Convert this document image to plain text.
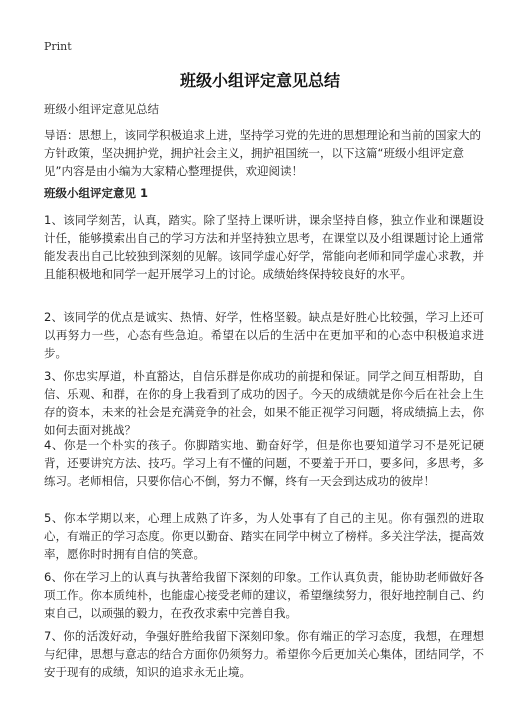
Print
班级小组评定意见总结
班级小组评定意见总结
导语：思想上，该同学积极追求上进，坚持学习党的先进的思想理论和当前的国家大的方针政策，坚决拥护党，拥护社会主义，拥护祖国统一，以下这篇“班级小组评定意见”内容是由小编为大家精心整理提供，欢迎阅读！
班级小组评定意见 1
1、该同学刻苦，认真，踏实。除了坚持上课听讲，课余坚持自修，独立作业和课题设计任，能够摸索出自己的学习方法和并坚持独立思考，在课堂以及小组课题讨论上通常能发表出自己比较独到深刻的见解。该同学虚心好学，常能向老师和同学虚心求教，并且能积极地和同学一起开展学习上的讨论。成绩始终保持较良好的水平。
2、该同学的优点是诚实、热情、好学，性格坚毅。缺点是好胜心比较强，学习上还可以再努力一些，心态有些急迫。希望在以后的生活中在更加平和的心态中积极追求进步。
3、你忠实厚道，朴直豁达，自信乐群是你成功的前提和保证。同学之间互相帮助，自信、乐观、和群，在你的身上我看到了成功的因子。今天的成绩就是你今后在社会上生存的资本，未来的社会是充满竞争的社会，如果不能正视学习问题，将成绩搞上去，你如何去面对挑战？
4、你是一个朴实的孩子。你脚踏实地、勤奋好学，但是你也要知道学习不是死记硬背，还要讲究方法、技巧。学习上有不懂的问题，不要羞于开口，要多问，多思考，多练习。老师相信，只要你信心不倒，努力不懈，终有一天会到达成功的彼岸！
5、你本学期以来，心理上成熟了许多，为人处事有了自己的主见。你有强烈的进取心，有端正的学习态度。你更以勤奋、踏实在同学中树立了榜样。多关注学法，提高效率，愿你时时拥有自信的笑意。
6、你在学习上的认真与执著给我留下深刻的印象。工作认真负责，能协助老师做好各项工作。你本质纯朴，也能虚心接受老师的建议，希望继续努力，很好地控制自己、约束自己，以顽强的毅力，在孜孜求索中完善自我。
7、你的活泼好动，争强好胜给我留下深刻印象。你有端正的学习态度，我想，在理想与纪律，思想与意志的结合方面你仍须努力。希望你今后更加关心集体，团结同学，不安于现有的成绩，知识的追求永无止境。
